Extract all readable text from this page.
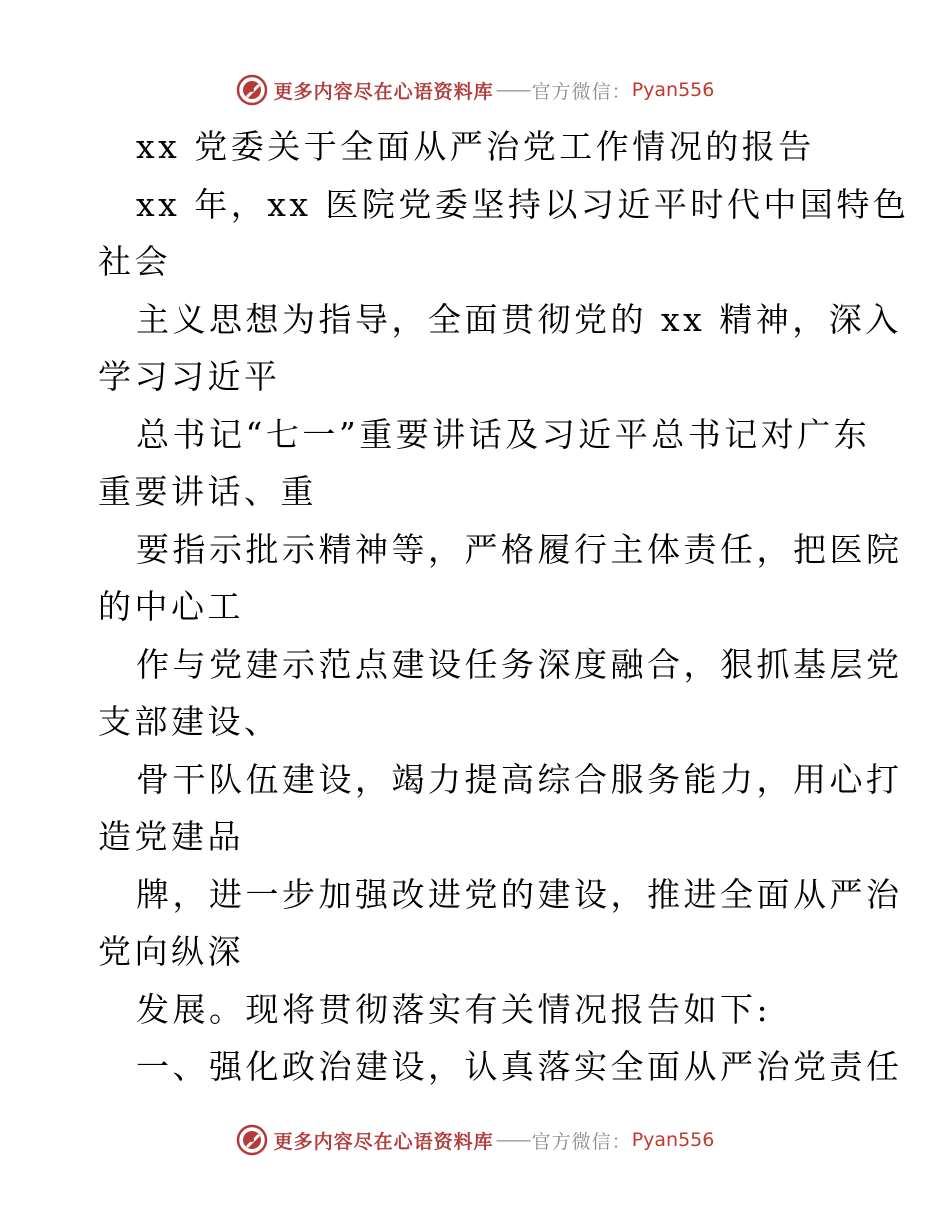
更多内容尽在心语资料库 —— 官方微信： Pyan556

xx 党委关于全面从严治党工作情况的报告

xx 年，xx 医院党委坚持以习近平时代中国特色

社会

主义思想为指导，全面贯彻党的 xx 精神，深入

学习习近平

总书记“七一”重要讲话及习近平总书记对广东

重要讲话、重

要指示批示精神等，严格履行主体责任，把医院

的中心工

作与党建示范点建设任务深度融合，狠抓基层党

支部建设、

骨干队伍建设，竭力提高综合服务能力，用心打

造党建品

牌，进一步加强改进党的建设，推进全面从严治

党向纵深

发展。现将贯彻落实有关情况报告如下:

一、强化政治建设，认真落实全面从严治党责任

更多内容尽在心语资料库 —— 官方微信： Pyan556
